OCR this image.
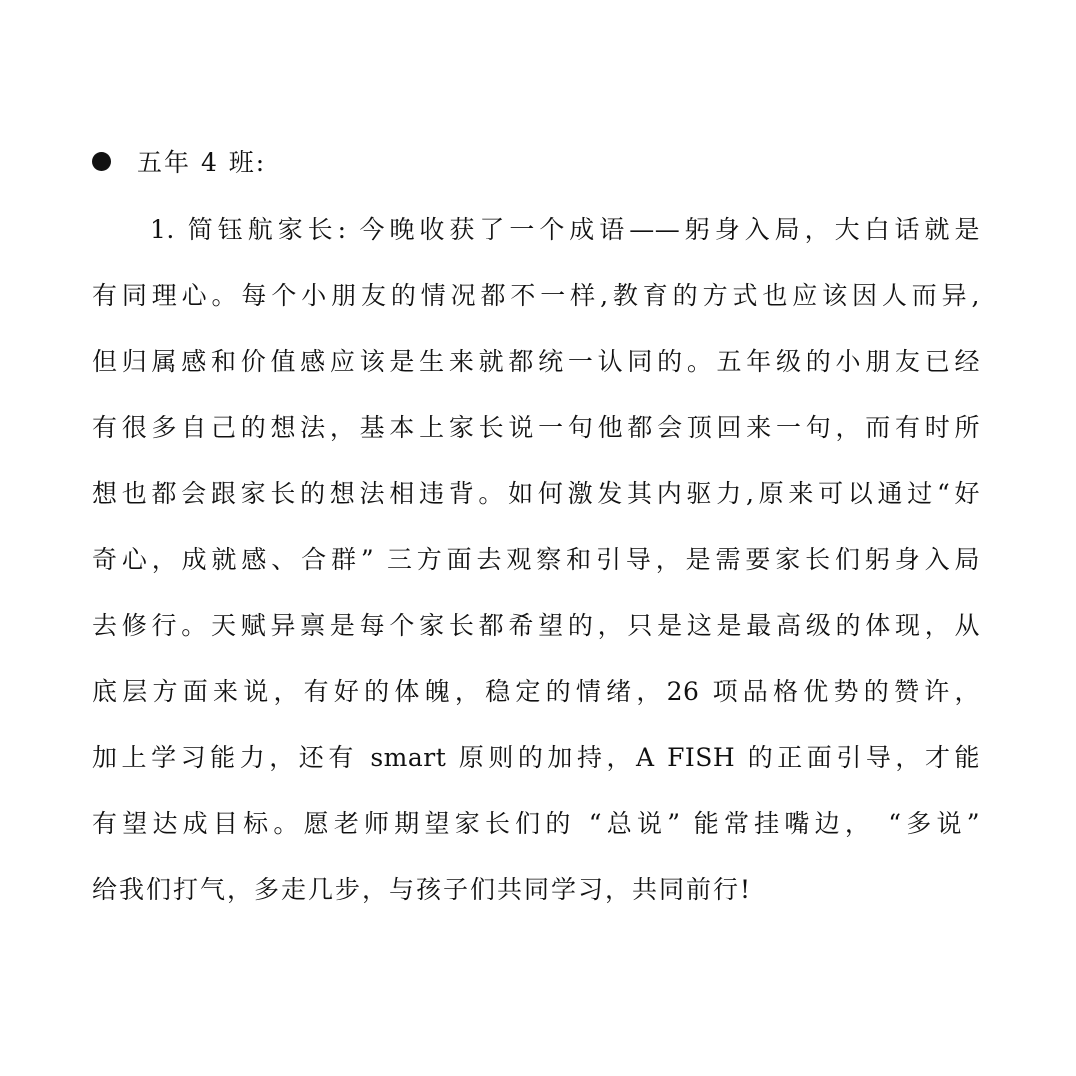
五年 4 班:
1. 简钰航家长: 今晚收获了一个成语——躬身入局，大白话就是
有同理心。每个小朋友的情况都不一样,教育的方式也应该因人而异,
但归属感和价值感应该是生来就都统一认同的。五年级的小朋友已经
有很多自己的想法，基本上家长说一句他都会顶回来一句，而有时所
想也都会跟家长的想法相违背。如何激发其内驱力,原来可以通过“好
奇心，成就感、合群” 三方面去观察和引导，是需要家长们躬身入局
去修行。天赋异禀是每个家长都希望的，只是这是最高级的体现，从
底层方面来说，有好的体魄，稳定的情绪，26 项品格优势的赞许，
加上学习能力，还有 smart 原则的加持，A FISH 的正面引导，才能
有望达成目标。愿老师期望家长们的 “总说” 能常挂嘴边， “多说”
给我们打气，多走几步，与孩子们共同学习，共同前行!
